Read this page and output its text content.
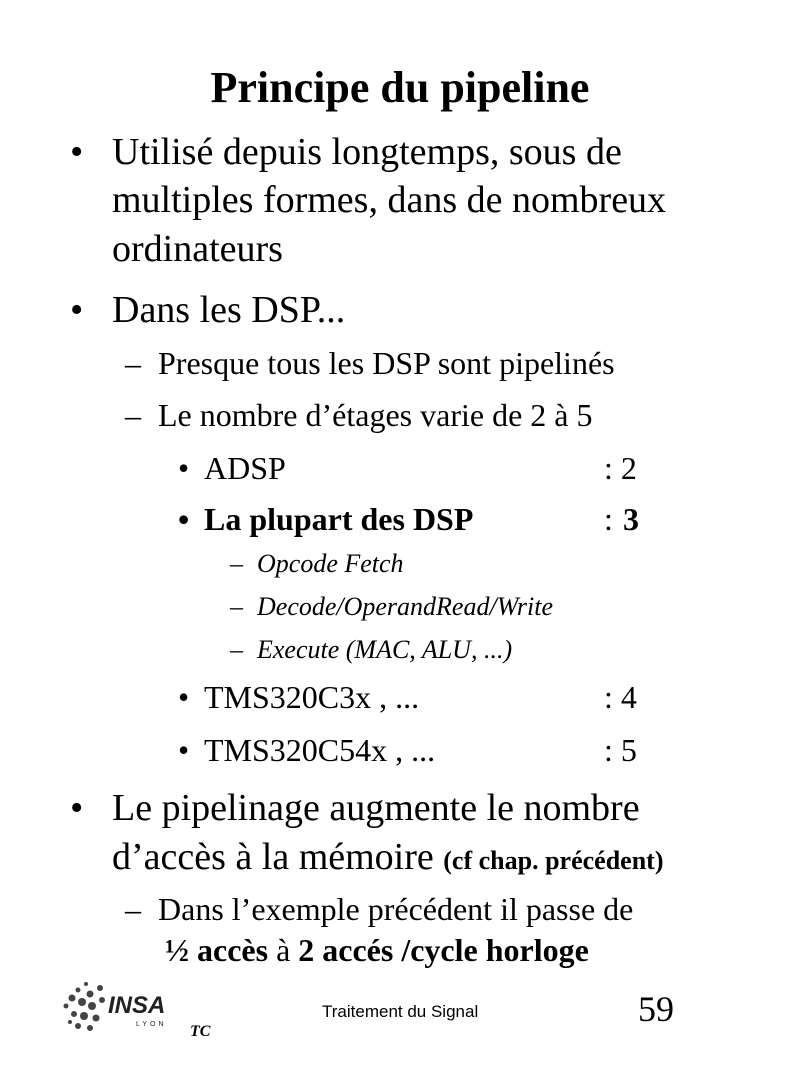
Principe du pipeline
• Utilisé depuis longtemps, sous de
multiples formes, dans de nombreux
ordinateurs
• Dans les DSP...
– Presque tous les DSP sont pipelinés
– Le nombre d’étages varie de 2 à 5
• ADSP	: 2
• La plupart des DSP	: 3
– Opcode Fetch
– Decode/OperandRead/Write
– Execute (MAC, ALU, ...)
• TMS320C3x , ...	: 4
• TMS320C54x , ...	: 5
• Le pipelinage augmente le nombre
d’accès à la mémoire (cf chap. précédent)
– Dans l’exemple précédent il passe de
½ accès à 2 accés /cycle horloge
INSA
LYON TC
Traitement du Signal	59
